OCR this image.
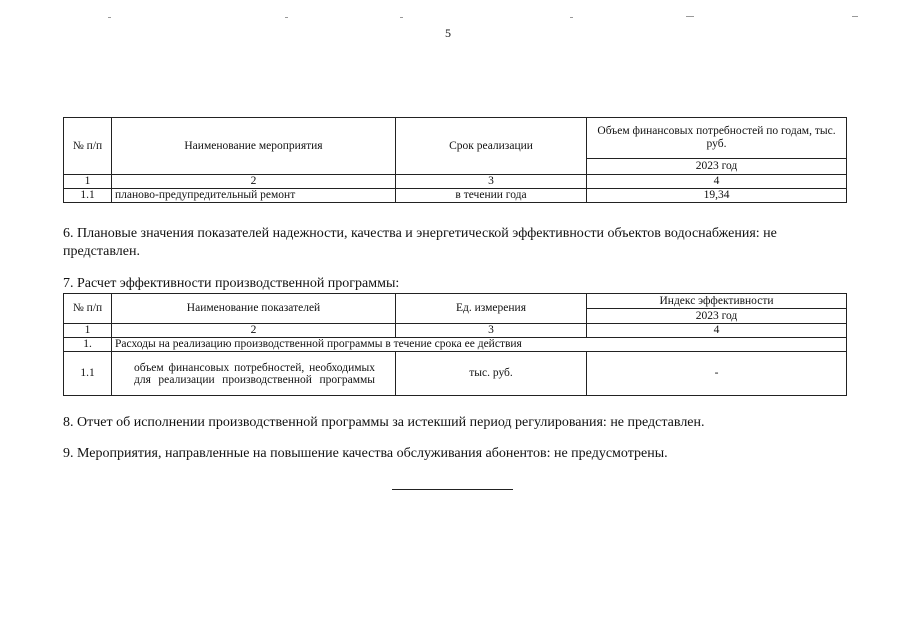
5
№ п/п	Наименование мероприятия	Срок реализации	Объем финансовых потребностей по годам, тыс. руб.
			2023 год
1	2	3	4
1.1	планово-предупредительный ремонт	в течении года	19,34

6. Плановые значения показателей надежности, качества и энергетической эффективности объектов водоснабжения: не представлен.

7. Расчет эффективности производственной программы:

№ п/п	Наименование показателей	Ед. измерения	Индекс эффективности
			2023 год
1	2	3	4
1.	Расходы на реализацию производственной программы в течение срока ее действия		
1.1	объем финансовых потребностей, необходимых для реализации производственной программы	тыс. руб.	-

8. Отчет об исполнении производственной программы за истекший период регулирования: не представлен.

9. Мероприятия, направленные на повышение качества обслуживания абонентов: не предусмотрены.
